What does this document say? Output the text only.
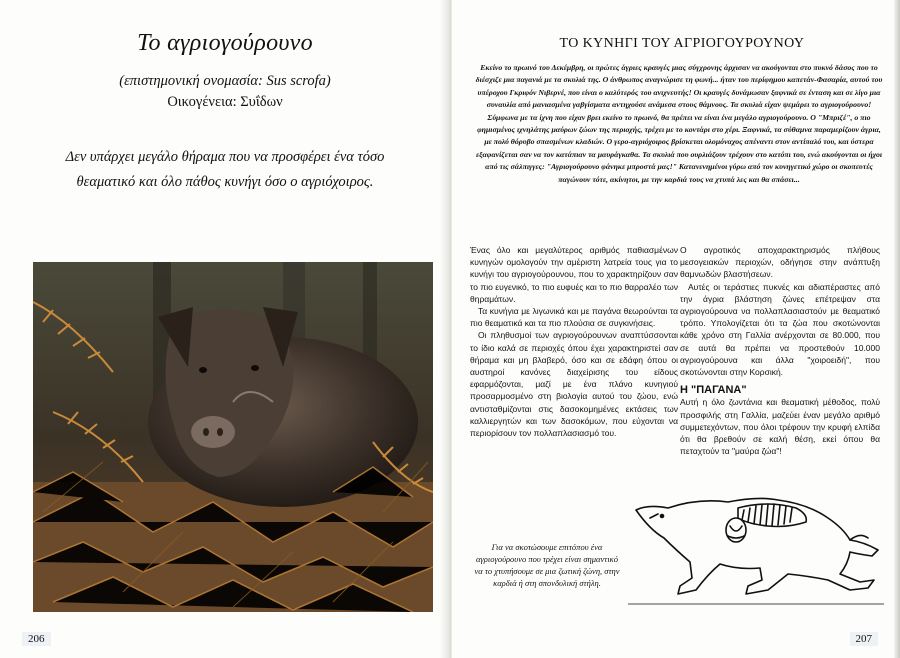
Το αγριογούρουνο
(επιστημονική ονομασία: Sus scrofa)
Οικογένεια: Συΐδων
Δεν υπάρχει μεγάλο θήραμα που να προσφέρει ένα τόσο θεαματικό και όλο πάθος κυνήγι όσο ο αγριόχοιρος.
206
ΤΟ ΚΥΝΗΓΙ ΤΟΥ ΑΓΡΙΟΓΟΥΡΟΥΝΟΥ
Εκείνο το πρωινό του Δεκέμβρη, οι πρώτες άγριες κραυγές μιας σύγχρονης άρχισαν να ακούγονται στο πυκνό δάσος που το διέσχιζε μια παγανιά με τα σκυλιά της. Ο άνθρωπος αναγνώρισε τη φωνή... ήταν του περίφημου καπετάν-Φασαρία, αυτού του υπέροχου Γκριφόν Νιβερνέ, που είναι ο καλύτερός του ανιχνευτής! Οι κραυγές δυνάμωσαν ξαφνικά σε ένταση και σε λίγο μια συναυλία από μανιασμένα γαβγίσματα αντηχούσε ανάμεσα στους θάμνους. Τα σκυλιά είχαν ψεμάρει το αγριογούρουνο! Σύμφωνα με τα ίχνη που είχαν βρει εκείνο το πρωινό, θα πρέπει να είναι ένα μεγάλο αγριογούρουνο. Ο "Μπριζέ", ο πιο φημισμένος ιχνηλάτης μαύρων ζώων της περιοχής, τρέχει με το κοντάρι στο χέρι. Ξαφνικά, τα σύθαμνα παραμερίζουν άγρια, με πολύ θόρυβο σπασμένων κλαδιών. Ο γερο-αγριόχοιρος βρίσκεται ολομόναχος απέναντι στον αντίπαλό του, και ύστερα εξαφανίζεται σαν να τον κατάπιαν τα μαυράγκαθα. Τα σκυλιά που ουρλιάζουν τρέχουν στο κατόπι του, ενώ ακούγονται οι ήχοι από τις σάλπιγγες: "Αγριογούρουνο φάνηκε μπροστά μας!" Κατανενημένοι γύρω από τον κυνηγετικό χώρο οι σκοπευτές παγώνουν τότε, ακίνητοι, με την καρδιά τους να χτυπά λες και θα σπάσει...

Ένας όλο και μεγαλύτερος αριθμός παθιασμένων κυνηγών ομολογούν την αμέριστη λατρεία τους για το κυνήγι του αγριογούρουνου, που το χαρακτηρίζουν σαν το πιο ευγενικό, το πιο ευφυές και το πιο θαρραλέο των θηραμάτων.

Τα κυνήγια με λιγωνικά και με παγάνα θεωρούνται τα πιο θεαματικά και τα πιο πλούσια σε συγκινήσεις.

Οι πληθυσμοί των αγριογούρουνων αναπτύσσονται το ίδιο καλά σε περιοχές όπου έχει χαρακτηριστεί σαν θήραμα και μη βλαβερό, όσο και σε εδάφη όπου οι αυστηροί κανόνες διαχείρισης του είδους εφαρμόζονται, μαζί με ένα πλάνο κυνηγιού προσαρμοσμένο στη βιολογία αυτού του ζώου, ενώ αντισταθμίζονται στις δασοκομημένες εκτάσεις των καλλιεργητών και των δασοκόμων, που εύχονται να περιορίσουν τον πολλαπλασιασμό του.

Ο αγροτικός αποχαρακτηρισμός πλήθους μεσογειακών περιοχών, οδήγησε στην ανάπτυξη θαμνωδών βλαστήσεων.

Αυτές οι τεράστιες πυκνές και αδιαπέραστες από την άγρια βλάστηση ζώνες επέτρεψαν στα αγριογούρουνα να πολλαπλασιαστούν με θεαματικό τρόπο. Υπολογίζεται ότι τα ζώα που σκοτώνονται κάθε χρόνο στη Γαλλία ανέρχονται σε 80.000, που σε αυτά θα πρέπει να προστεθούν 10.000 αγριογούρουνα και άλλα "χοιροειδή", που σκοτώνονται στην Κορσική.

Η "ΠΑΓΑΝΑ"

Αυτή η όλο ζωντάνια και θεαματική μέθοδος, πολύ προσφιλής στη Γαλλία, μαζεύει έναν μεγάλο αριθμό συμμετεχόντων, που όλοι τρέφουν την κρυφή ελπίδα ότι θα βρεθούν σε καλή θέση, εκεί όπου θα πεταχτούν τα "μαύρα ζώα"!

Για να σκοτώσουμε επιτόπου ένα αγριογούρουνο που τρέχει είναι σημαντικό να το χτυπήσουμε σε μια ζωτική ζώνη, στην καρδιά ή στη σπονδυλική στήλη.
207
